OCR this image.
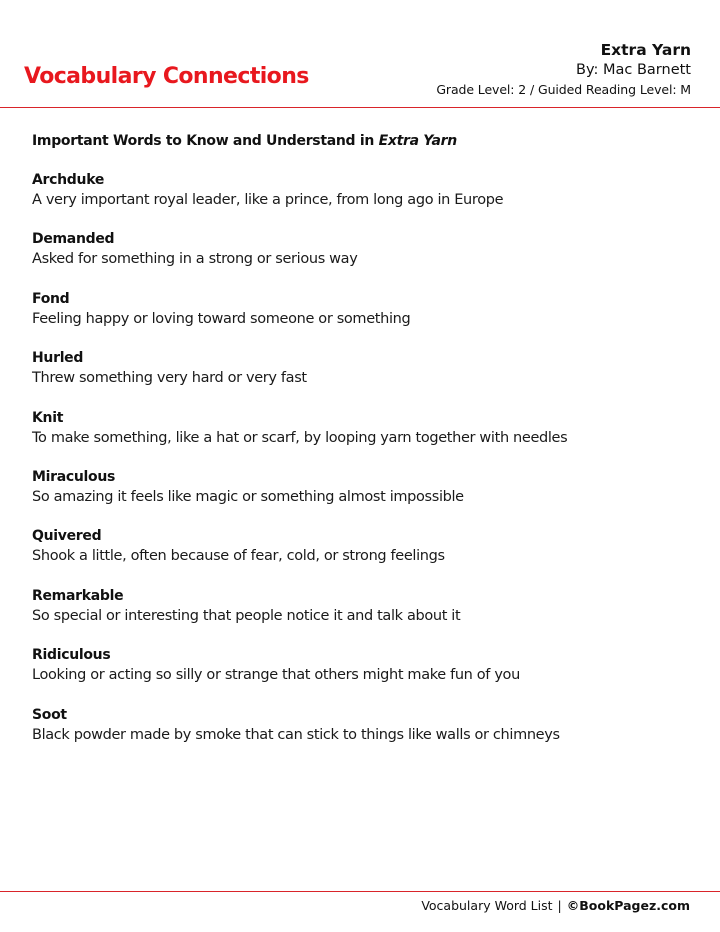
Vocabulary Connections
Extra Yarn
By: Mac Barnett
Grade Level: 2 / Guided Reading Level: M

Important Words to Know and Understand in Extra Yarn

Archduke
A very important royal leader, like a prince, from long ago in Europe
Demanded
Asked for something in a strong or serious way
Fond
Feeling happy or loving toward someone or something
Hurled
Threw something very hard or very fast
Knit
To make something, like a hat or scarf, by looping yarn together with needles
Miraculous
So amazing it feels like magic or something almost impossible
Quivered
Shook a little, often because of fear, cold, or strong feelings
Remarkable
So special or interesting that people notice it and talk about it
Ridiculous
Looking or acting so silly or strange that others might make fun of you
Soot
Black powder made by smoke that can stick to things like walls or chimneys
Vocabulary Word List | ©BookPagez.com
